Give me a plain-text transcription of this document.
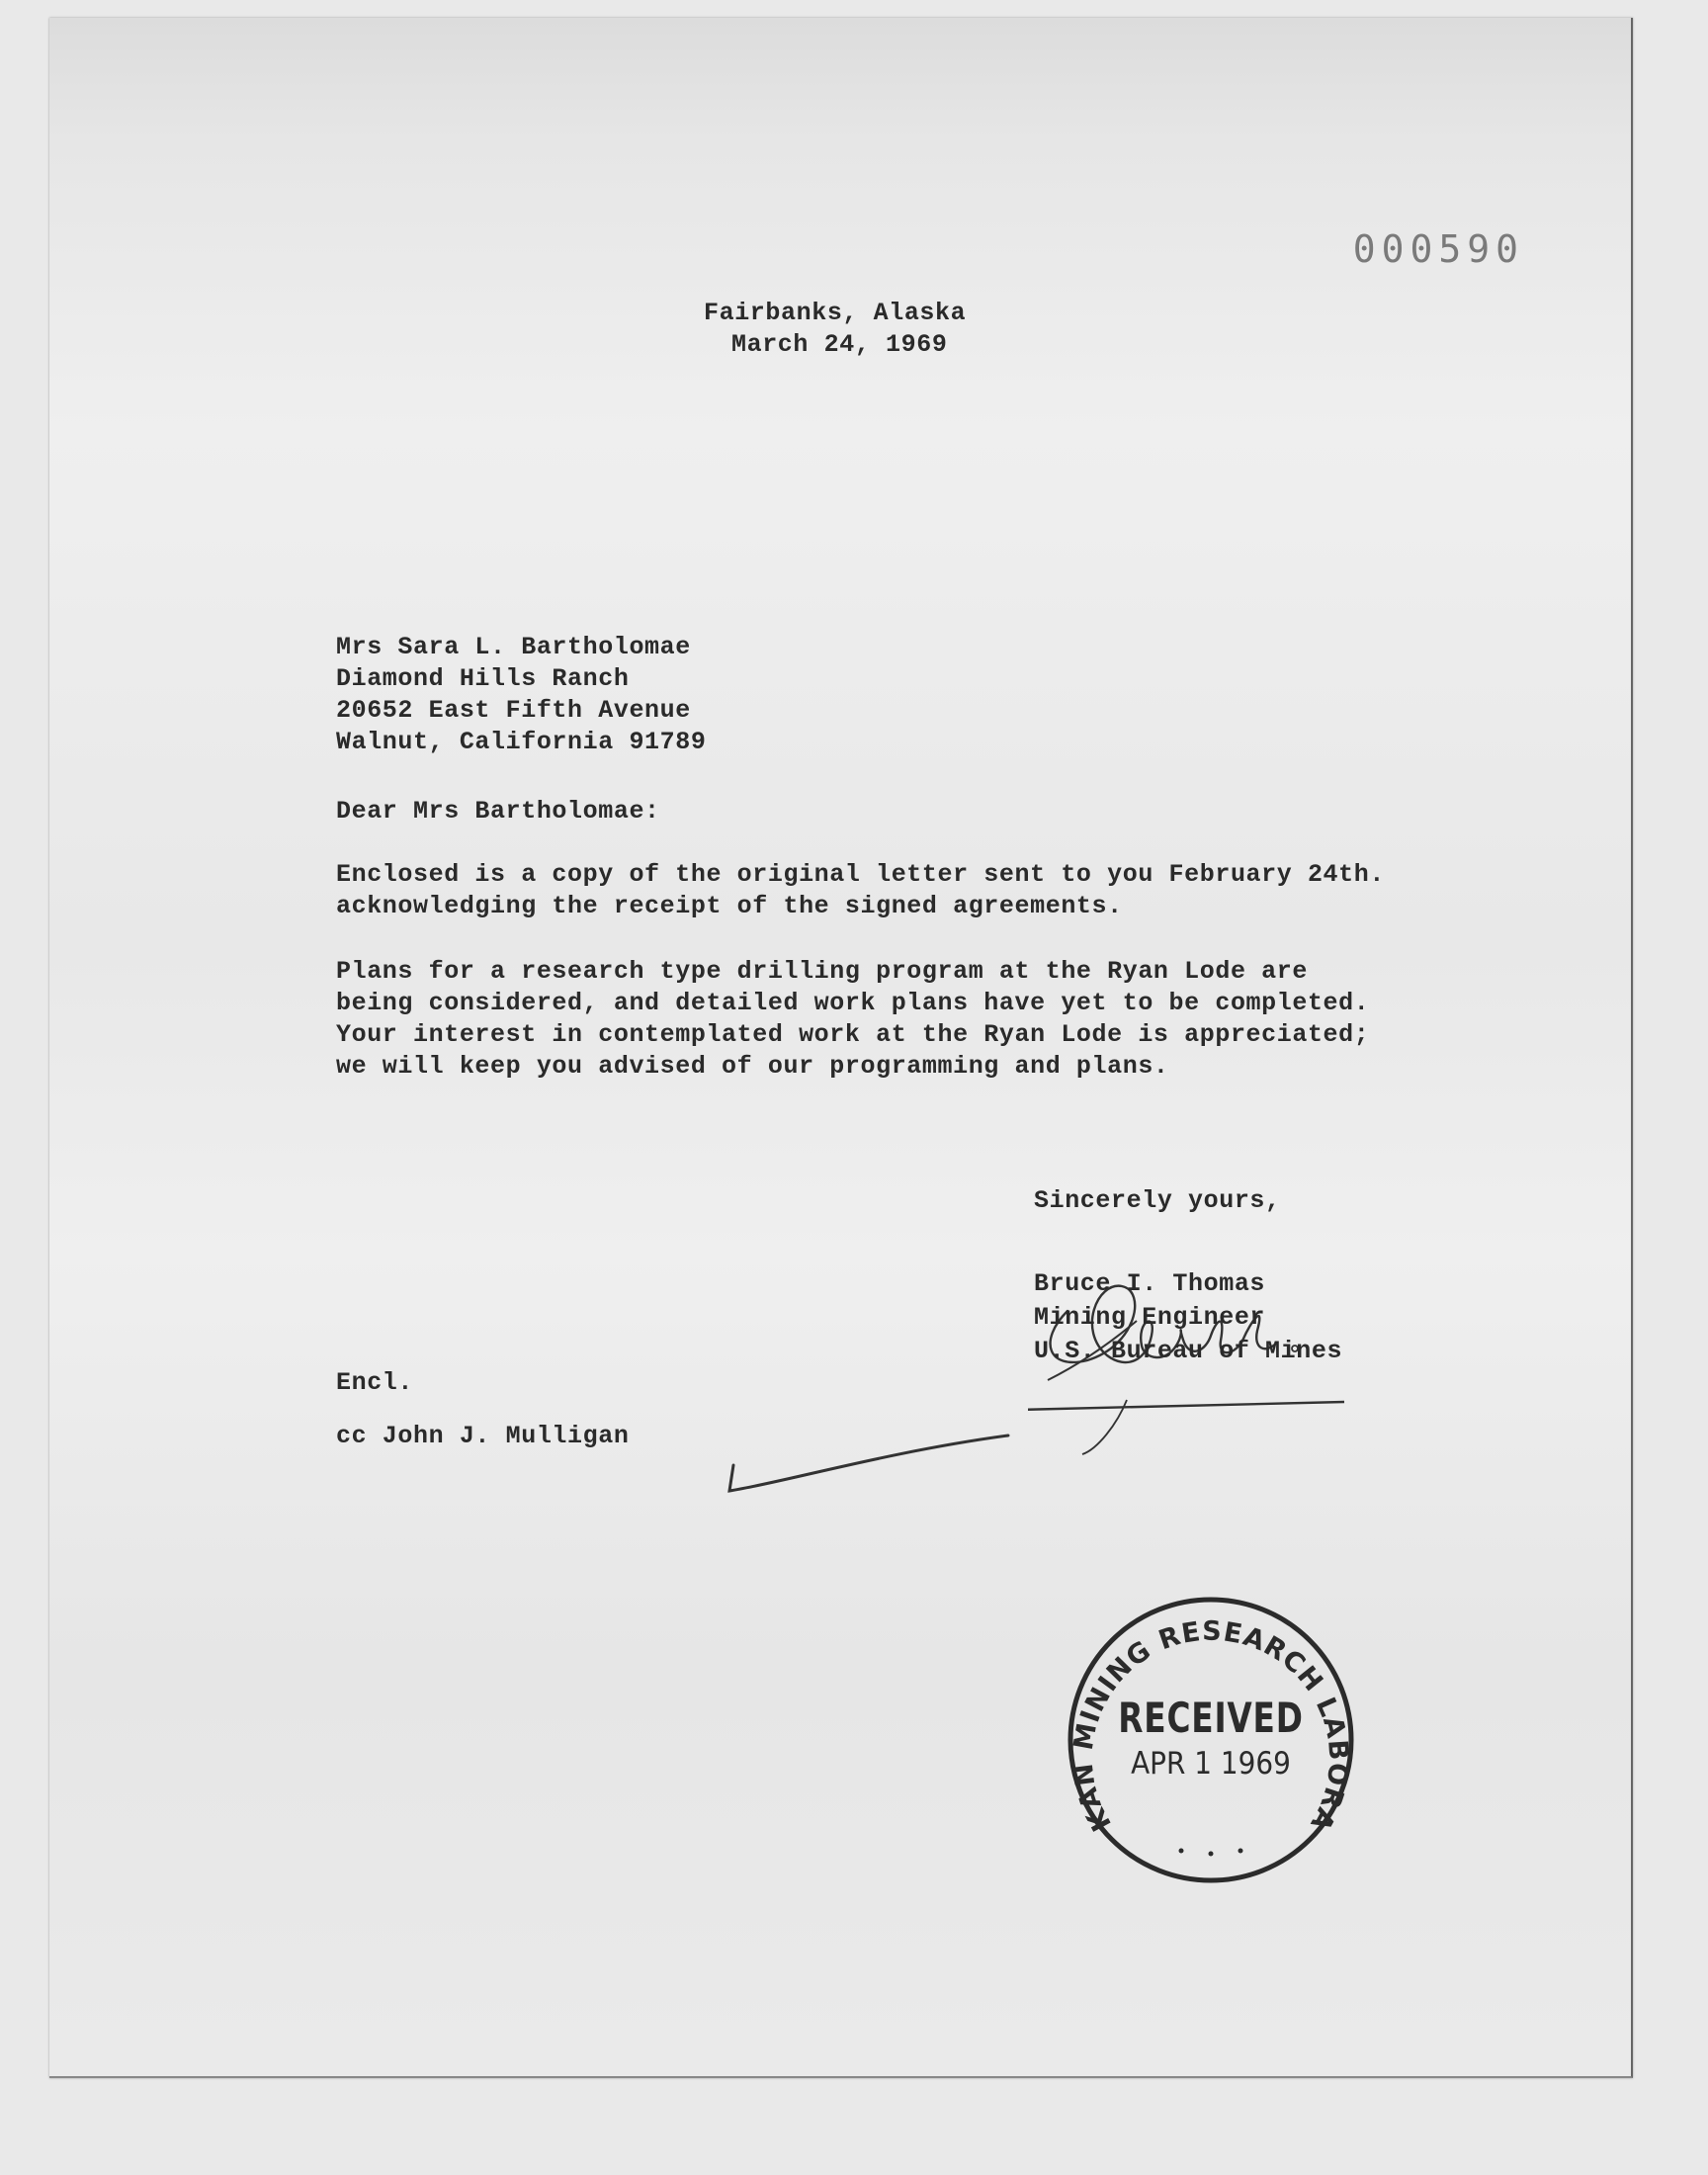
000590
Fairbanks, Alaska
March 24, 1969
Mrs Sara L. Bartholomae
Diamond Hills Ranch
20652 East Fifth Avenue
Walnut, California 91789
Dear Mrs Bartholomae:
Enclosed is a copy of the original letter sent to you February 24th.
acknowledging the receipt of the signed agreements.
Plans for a research type drilling program at the Ryan Lode are
being considered, and detailed work plans have yet to be completed.
Your interest in contemplated work at the Ryan Lode is appreciated;
we will keep you advised of our programming and plans.
Sincerely yours,
Bruce I. Thomas
Mining Engineer
U.S. Bureau of Mines
Encl.
cc John J. Mulligan
KAN MINING RESEARCH LABORA
RECEIVED
APR 1 1969
